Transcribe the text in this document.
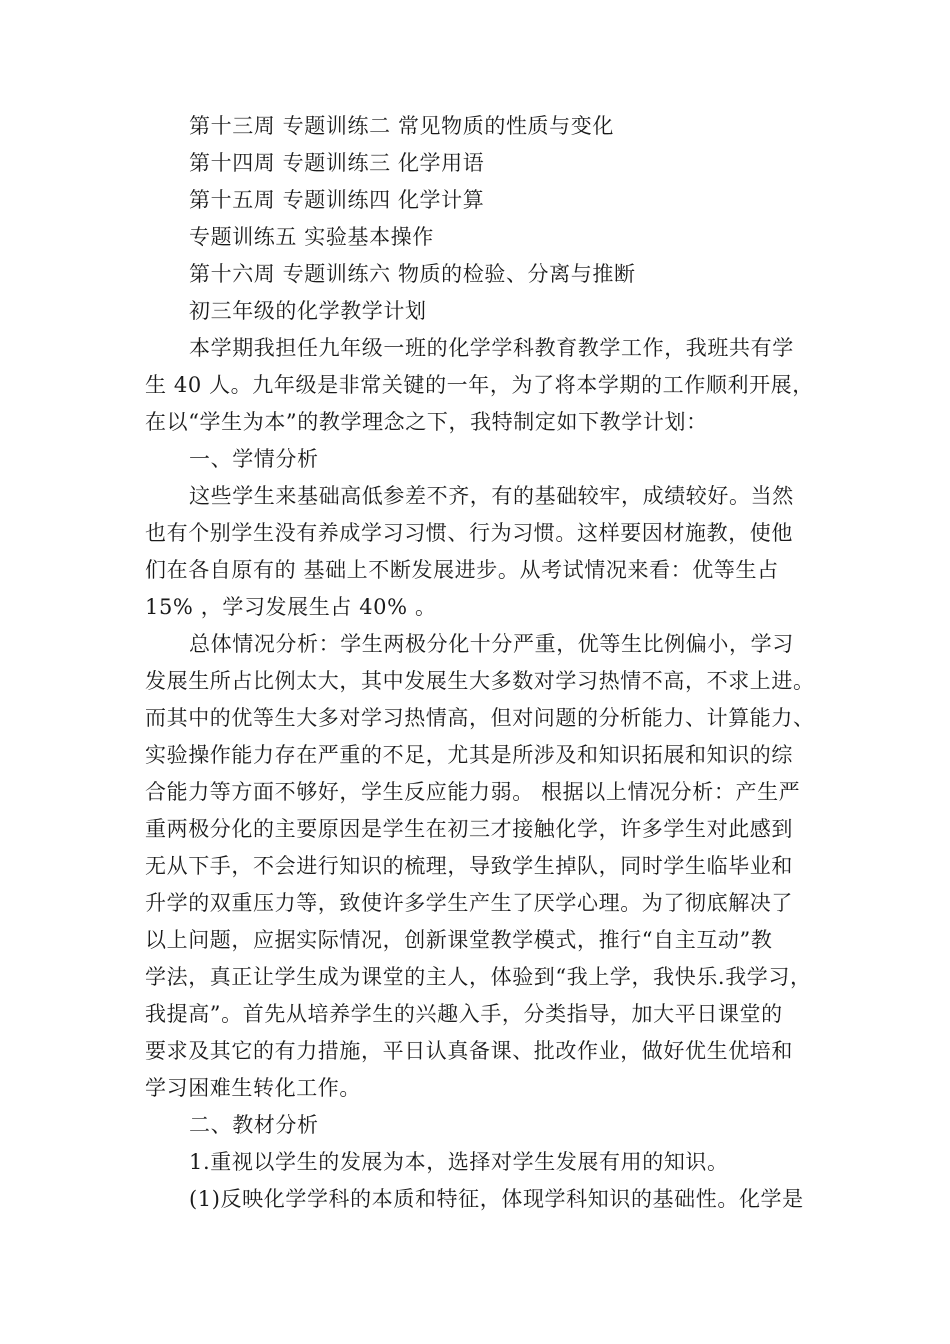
第十三周 专题训练二 常见物质的性质与变化
第十四周 专题训练三 化学用语
第十五周 专题训练四 化学计算
专题训练五 实验基本操作
第十六周 专题训练六 物质的检验、分离与推断
初三年级的化学教学计划
本学期我担任九年级一班的化学学科教育教学工作，我班共有学
生 40 人。九年级是非常关键的一年，为了将本学期的工作顺利开展，
在以“学生为本”的教学理念之下，我特制定如下教学计划：
一、学情分析
这些学生来基础高低参差不齐，有的基础较牢，成绩较好。当然
也有个别学生没有养成学习习惯、行为习惯。这样要因材施教，使他
们在各自原有的 基础上不断发展进步。从考试情况来看：优等生占
15% ，学习发展生占 40% 。
总体情况分析：学生两极分化十分严重，优等生比例偏小，学习
发展生所占比例太大，其中发展生大多数对学习热情不高，不求上进。
而其中的优等生大多对学习热情高，但对问题的分析能力、计算能力、
实验操作能力存在严重的不足，尤其是所涉及和知识拓展和知识的综
合能力等方面不够好，学生反应能力弱。 根据以上情况分析：产生严
重两极分化的主要原因是学生在初三才接触化学，许多学生对此感到
无从下手，不会进行知识的梳理，导致学生掉队，同时学生临毕业和
升学的双重压力等，致使许多学生产生了厌学心理。为了彻底解决了
以上问题，应据实际情况，创新课堂教学模式，推行“自主互动”教
学法，真正让学生成为课堂的主人，体验到“我上学，我快乐.我学习，
我提高”。首先从培养学生的兴趣入手，分类指导，加大平日课堂的
要求及其它的有力措施，平日认真备课、批改作业，做好优生优培和
学习困难生转化工作。
二、教材分析
1.重视以学生的发展为本，选择对学生发展有用的知识。
(1)反映化学学科的本质和特征，体现学科知识的基础性。化学是
